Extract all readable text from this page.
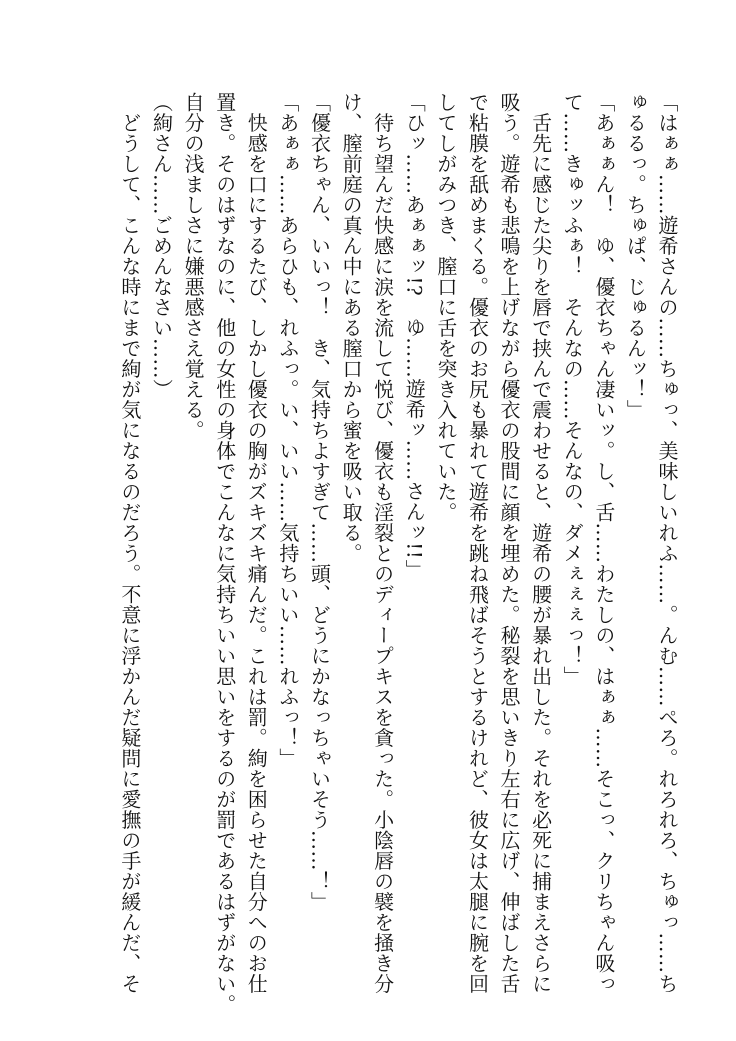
「はぁぁ……遊希さんの……ちゅっ、美味しいれふ……。んむ……ぺろ。れろれろ、ちゅっ……ち
ゅるるっ。ちゅぱ、じゅるんッ！」
「あぁぁん！　ゆ、優衣ちゃん凄いッ。し、舌……わたしの、はぁぁ……そこっ、クリちゃん吸っ
て……きゅッふぁ！　そんなの……そんなの、ダメぇぇぇっ！」
　舌先に感じた尖りを唇で挟んで震わせると、遊希の腰が暴れ出した。それを必死に捕まえさらに
吸う。遊希も悲鳴を上げながら優衣の股間に顔を埋めた。秘裂を思いきり左右に広げ、伸ばした舌
で粘膜を舐めまくる。優衣のお尻も暴れて遊希を跳ね飛ばそうとするけれど、彼女は太腿に腕を回
してしがみつき、膣口に舌を突き入れていた。
「ひッ……あぁぁッ!?　ゆ……遊希ッ……さんッ!!」
　待ち望んだ快感に涙を流して悦び、優衣も淫裂とのディープキスを貪った。小陰唇の襞を掻き分
け、膣前庭の真ん中にある膣口から蜜を吸い取る。
「優衣ちゃん、いいっ！　き、気持ちよすぎて……頭、どうにかなっちゃいそう……！」
「あぁぁ……あらひも、れふっ。い、いい……気持ちいい……れふっ！」
　快感を口にするたび、しかし優衣の胸がズキズキ痛んだ。これは罰。絢を困らせた自分へのお仕
置き。そのはずなのに、他の女性の身体でこんなに気持ちいい思いをするのが罰であるはずがない。
自分の浅ましさに嫌悪感さえ覚える。
（絢さん……ごめんなさい……）
　どうして、こんな時にまで絢が気になるのだろう。不意に浮かんだ疑問に愛撫の手が緩んだ、そ
